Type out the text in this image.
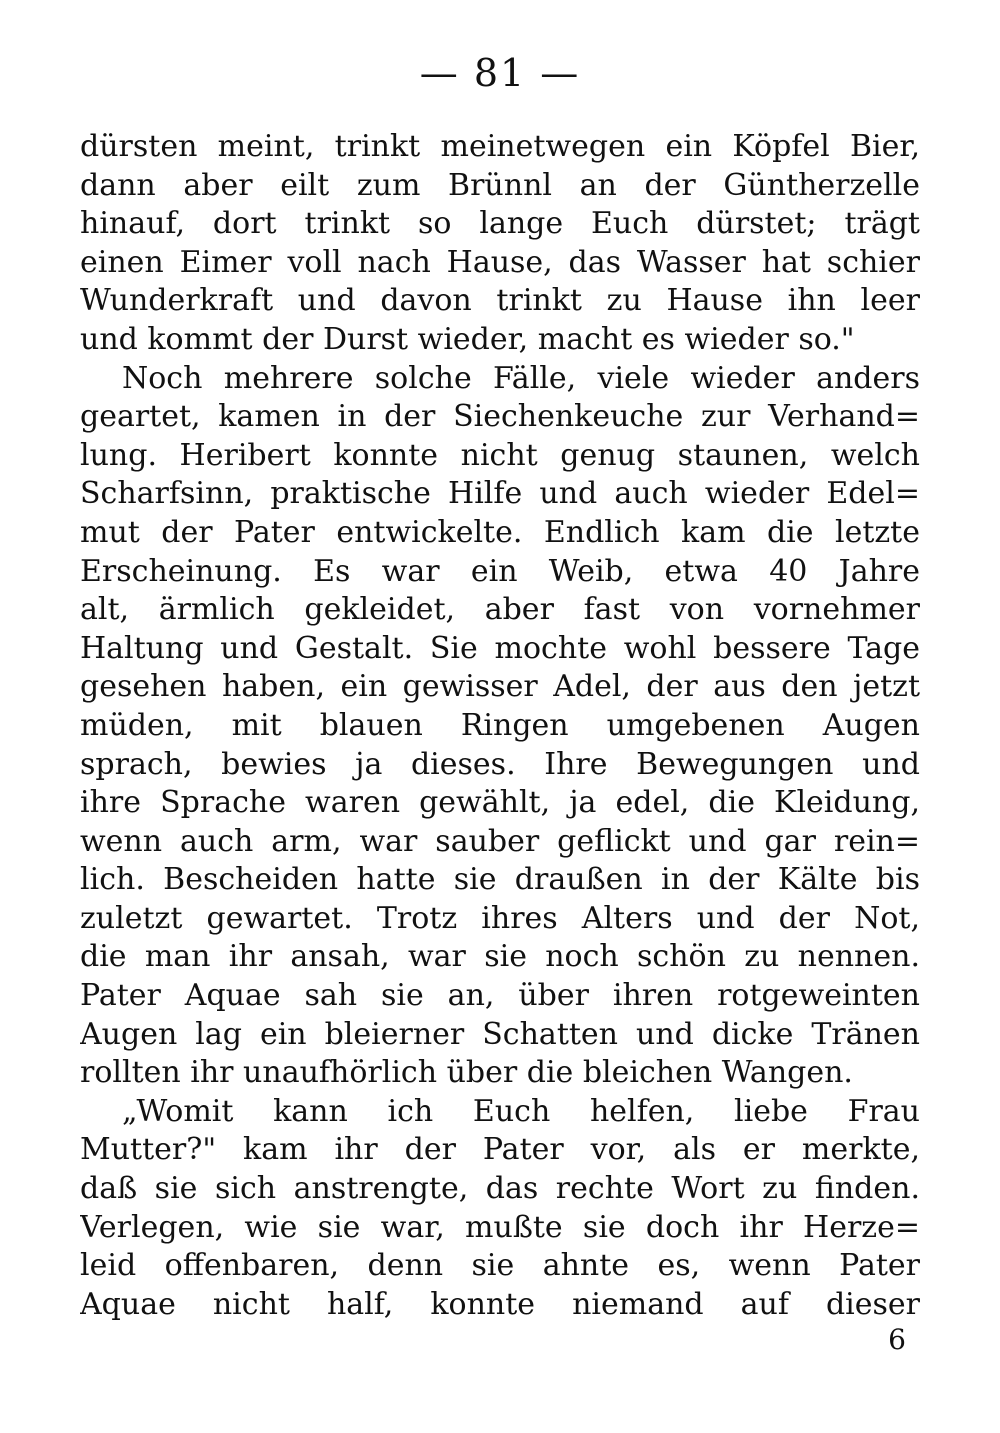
— 81 —
dürsten meint, trinkt meinetwegen ein Köpfel Bier,
dann aber eilt zum Brünnl an der Güntherzelle
hinauf, dort trinkt so lange Euch dürstet; trägt
einen Eimer voll nach Hause, das Wasser hat schier
Wunderkraft und davon trinkt zu Hause ihn leer
und kommt der Durst wieder, macht es wieder so."
Noch mehrere solche Fälle, viele wieder anders
geartet, kamen in der Siechenkeuche zur Verhand=
lung. Heribert konnte nicht genug staunen, welch
Scharfsinn, praktische Hilfe und auch wieder Edel=
mut der Pater entwickelte. Endlich kam die letzte
Erscheinung. Es war ein Weib, etwa 40 Jahre
alt, ärmlich gekleidet, aber fast von vornehmer
Haltung und Gestalt. Sie mochte wohl bessere Tage
gesehen haben, ein gewisser Adel, der aus den jetzt
müden, mit blauen Ringen umgebenen Augen
sprach, bewies ja dieses. Ihre Bewegungen und
ihre Sprache waren gewählt, ja edel, die Kleidung,
wenn auch arm, war sauber geflickt und gar rein=
lich. Bescheiden hatte sie draußen in der Kälte bis
zuletzt gewartet. Trotz ihres Alters und der Not,
die man ihr ansah, war sie noch schön zu nennen.
Pater Aquae sah sie an, über ihren rotgeweinten
Augen lag ein bleierner Schatten und dicke Tränen
rollten ihr unaufhörlich über die bleichen Wangen.
„Womit kann ich Euch helfen, liebe Frau
Mutter?" kam ihr der Pater vor, als er merkte,
daß sie sich anstrengte, das rechte Wort zu finden.
Verlegen, wie sie war, mußte sie doch ihr Herze=
leid offenbaren, denn sie ahnte es, wenn Pater
Aquae nicht half, konnte niemand auf dieser
6
